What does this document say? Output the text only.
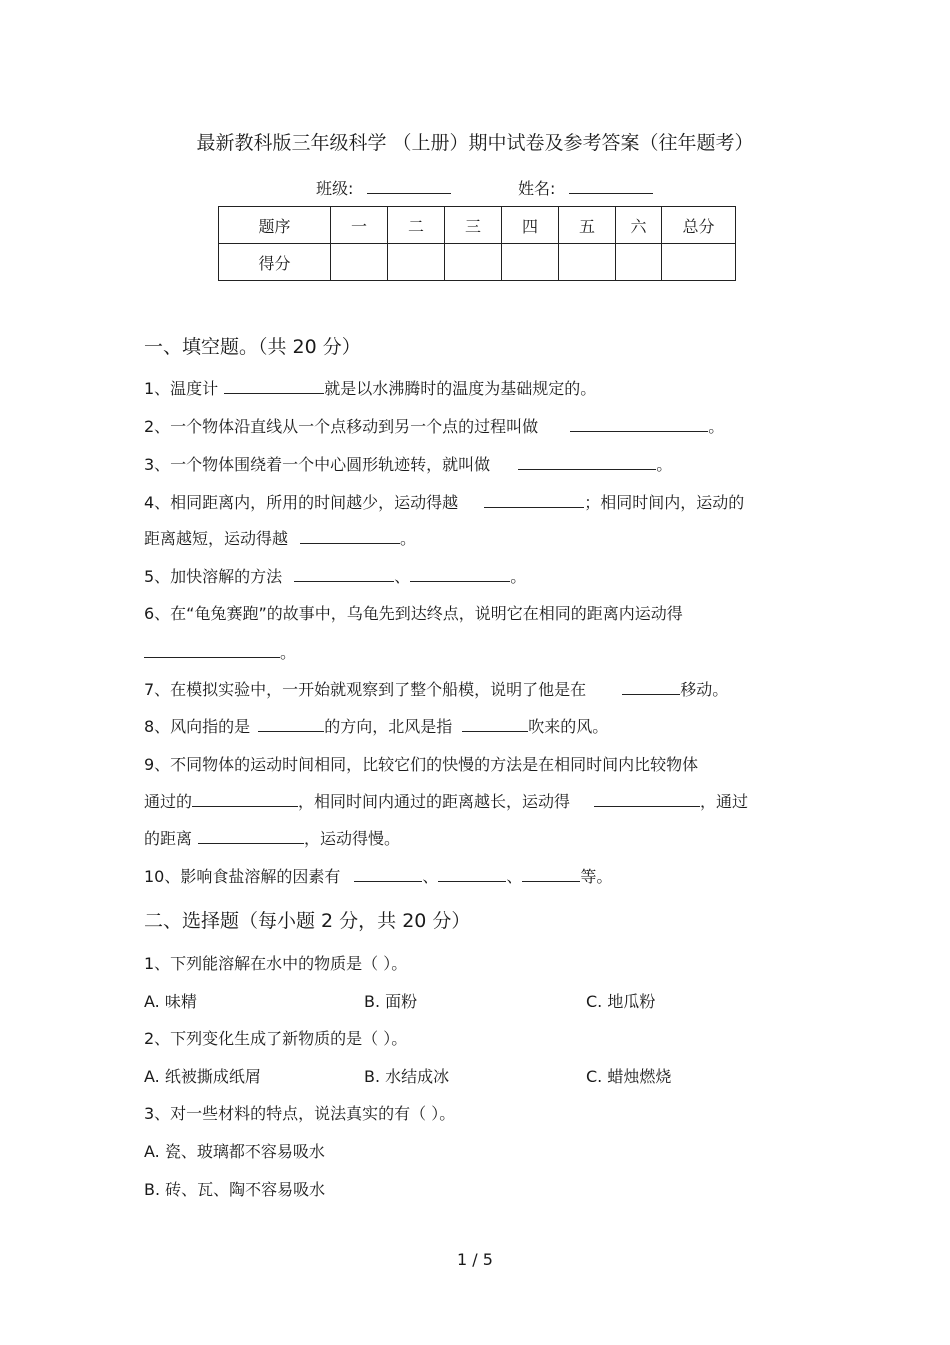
最新教科版三年级科学 （上册）期中试卷及参考答案（往年题考）
班级:	姓名:
题序	一	二	三	四	五	六	总分
得分							
一、填空题。（共 20 分）
1、温度计	就是以水沸腾时的温度为基础规定的。
2、一个物体沿直线从一个点移动到另一个点的过程叫做	。
3、一个物体围绕着一个中心圆形轨迹转，就叫做	。
4、相同距离内，所用的时间越少，运动得越	；相同时间内，运动的
距离越短，运动得越	。
5、加快溶解的方法	、	。
6、在“龟兔赛跑”的故事中，乌龟先到达终点，说明它在相同的距离内运动得
。
7、在模拟实验中，一开始就观察到了整个船模，说明了他是在	移动。
8、风向指的是	的方向，北风是指	吹来的风。
9、不同物体的运动时间相同，比较它们的快慢的方法是在相同时间内比较物体
通过的	，相同时间内通过的距离越长，运动得	，通过
的距离	，运动得慢。
10、影响食盐溶解的因素有	、	、	等。
二、选择题（每小题 2 分，共 20 分）
1、下列能溶解在水中的物质是（ ）。
A. 味精	B. 面粉	C. 地瓜粉
2、下列变化生成了新物质的是（ ）。
A. 纸被撕成纸屑	B. 水结成冰	C. 蜡烛燃烧
3、对一些材料的特点，说法真实的有（ ）。
A. 瓷、玻璃都不容易吸水
B. 砖、瓦、陶不容易吸水
1 / 5
